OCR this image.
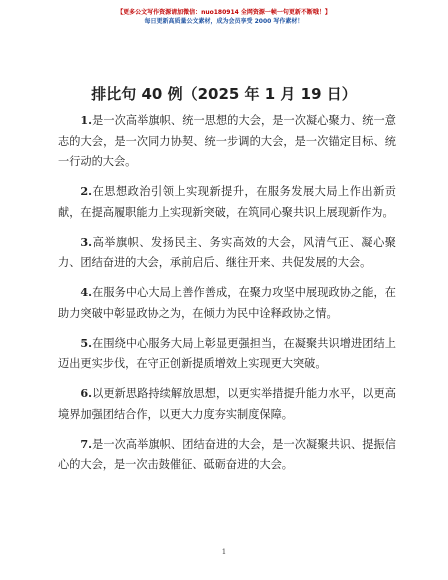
【更多公文写作资源请加微信：nuo180914 全网资源一帧一句更新不断哦！】
每日更新高质量公文素材，成为会员享受 2000 写作素材！
排比句 40 例（2025 年 1 月 19 日）

1.是一次高举旗帜、统一思想的大会，是一次凝心聚力、统一意志的大会，是一次同力协契、统一步调的大会，是一次锚定目标、统一行动的大会。

2.在思想政治引领上实现新提升，在服务发展大局上作出新贡献，在提高履职能力上实现新突破，在筑同心聚共识上展现新作为。

3.高举旗帜、发扬民主、务实高效的大会，风清气正、凝心聚力、团结奋进的大会，承前启后、继往开来、共促发展的大会。

4.在服务中心大局上善作善成，在聚力攻坚中展现政协之能，在助力突破中彰显政协之为，在倾力为民中诠释政协之情。

5.在围绕中心服务大局上彰显更强担当，在凝聚共识增进团结上迈出更实步伐，在守正创新提质增效上实现更大突破。

6.以更新思路持续解放思想，以更实举措提升能力水平，以更高境界加强团结合作，以更大力度夯实制度保障。

7.是一次高举旗帜、团结奋进的大会，是一次凝聚共识、提振信心的大会，是一次击鼓催征、砥砺奋进的大会。

1
